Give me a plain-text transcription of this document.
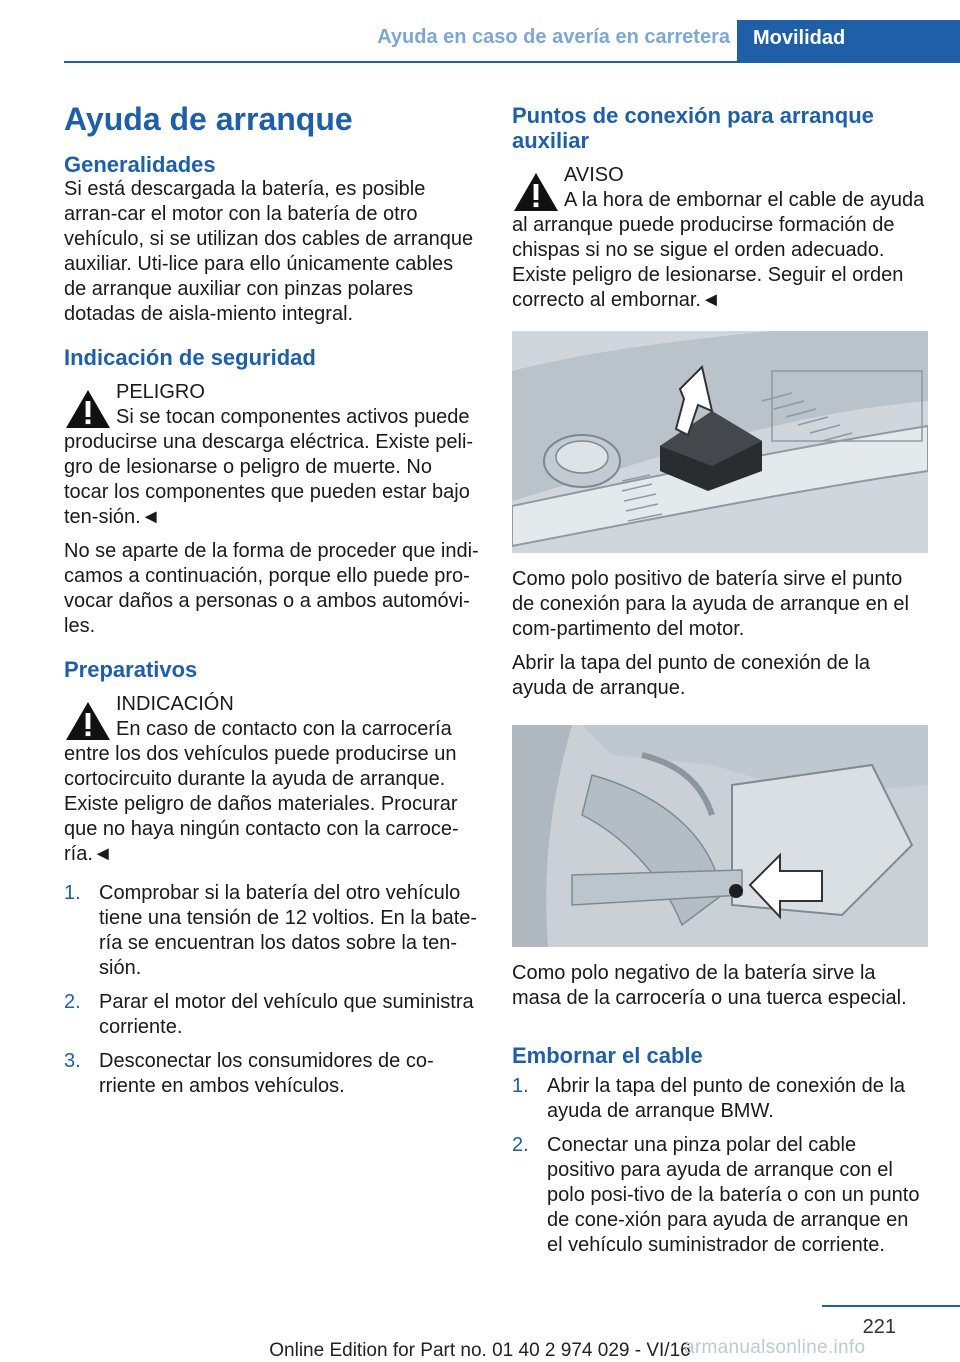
Ayuda en caso de avería en carretera	Movilidad
Ayuda de arranque
Generalidades

Si está descargada la batería, es posible arran-car el motor con la batería de otro vehículo, si se utilizan dos cables de arranque auxiliar. Uti-lice para ello únicamente cables de arranque auxiliar con pinzas polares dotadas de aisla-miento integral.

Indicación de seguridad
PELIGRO
Si se tocan componentes activos puede producirse una descarga eléctrica. Existe peli-gro de lesionarse o peligro de muerte. No tocar los componentes que pueden estar bajo ten-sión.◄

No se aparte de la forma de proceder que indi-camos a continuación, porque ello puede pro-vocar daños a personas o a ambos automóvi-les.

Preparativos
INDICACIÓN
En caso de contacto con la carrocería entre los dos vehículos puede producirse un cortocircuito durante la ayuda de arranque. Existe peligro de daños materiales. Procurar que no haya ningún contacto con la carroce-ría.◄
1. Comprobar si la batería del otro vehículo tiene una tensión de 12 voltios. En la bate-ría se encuentran los datos sobre la ten-sión.
2. Parar el motor del vehículo que suministra corriente.
3. Desconectar los consumidores de co-rriente en ambos vehículos.
Puntos de conexión para arranque auxiliar
AVISO
A la hora de embornar el cable de ayuda al arranque puede producirse formación de chispas si no se sigue el orden adecuado. Existe peligro de lesionarse. Seguir el orden correcto al embornar.◄

Como polo positivo de batería sirve el punto de conexión para la ayuda de arranque en el com-partimento del motor.

Abrir la tapa del punto de conexión de la ayuda de arranque.

Como polo negativo de la batería sirve la masa de la carrocería o una tuerca especial.

Embornar el cable
1. Abrir la tapa del punto de conexión de la ayuda de arranque BMW.
2. Conectar una pinza polar del cable positivo para ayuda de arranque con el polo posi-tivo de la batería o con un punto de cone-xión para ayuda de arranque en el vehículo suministrador de corriente.
221
Online Edition for Part no. 01 40 2 974 029 - VI/16
armanualsonline.info
